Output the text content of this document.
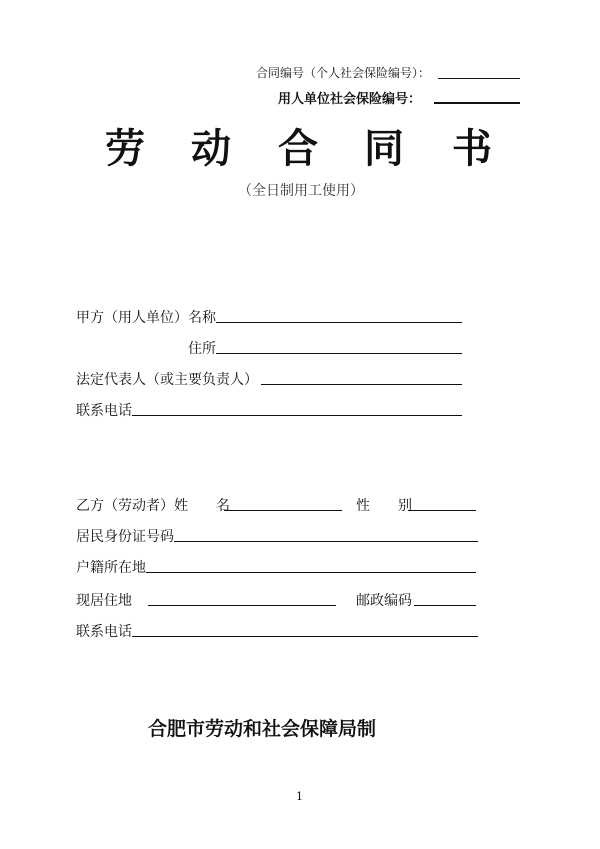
合同编号（个人社会保险编号）：
用人单位社会保险编号：
劳 动 合 同 书
（全日制用工使用）
甲方（用人单位）名称
住所
法定代表人（或主要负责人）
联系电话
乙方（劳动者）姓　　名	性　　别
居民身份证号码
户籍所在地
现居住地	邮政编码
联系电话
合肥市劳动和社会保障局制
1
